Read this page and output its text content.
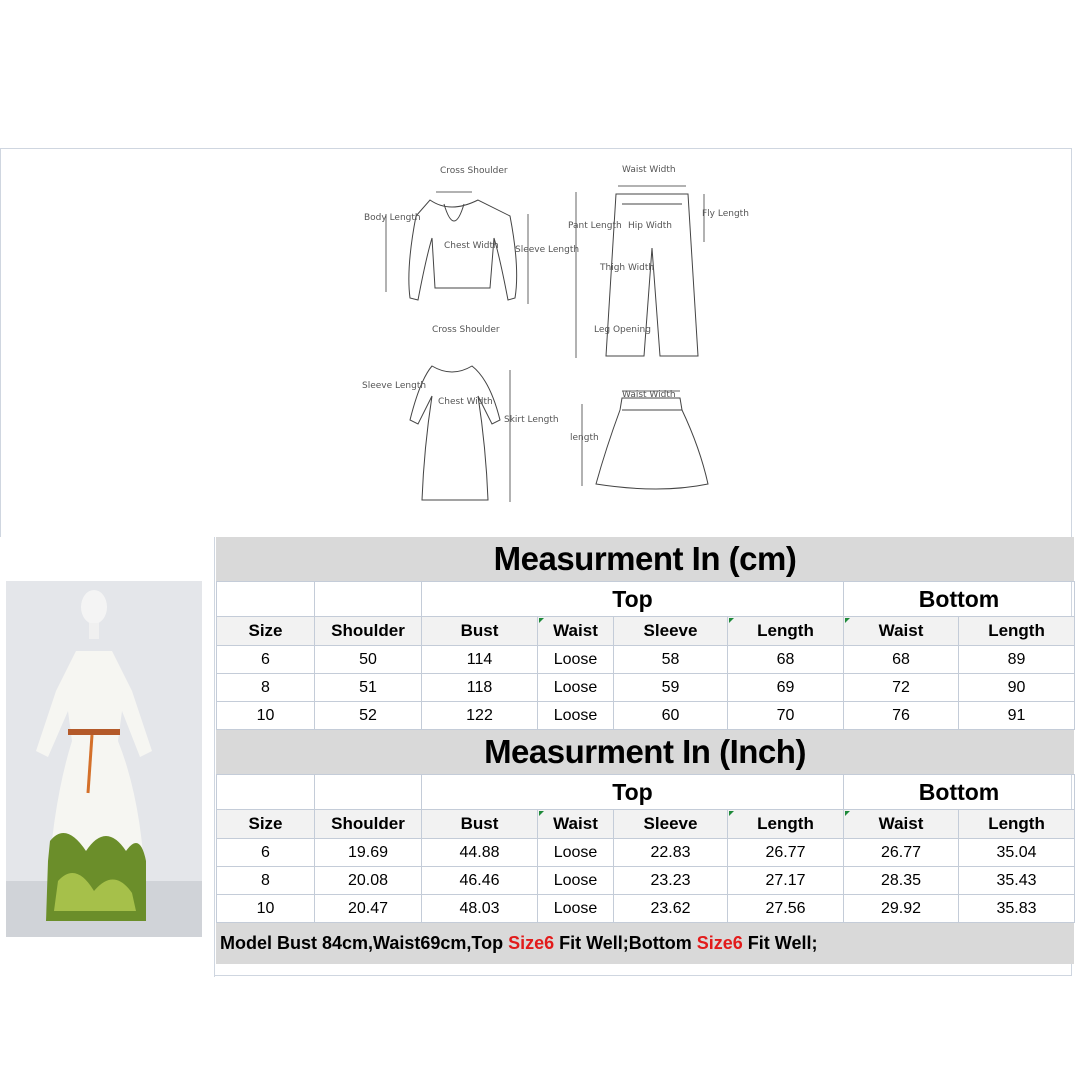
Cross Shoulder
Body Length
Chest Width Sleeve Length
Waist Width
Pant Length Hip Width
Fly Length
Thigh Width
Leg Opening
Cross Shoulder
Sleeve Length
Chest Width
Skirt Length
Waist Width
length
Measurment In (cm)
		Top				Bottom	
Size	Shoulder	Bust	Waist	Sleeve	Length	Waist	Length
6	50	114	Loose	58	68	68	89
8	51	118	Loose	59	69	72	90
10	52	122	Loose	60	70	76	91
Measurment In (Inch)
		Top				Bottom	
Size	Shoulder	Bust	Waist	Sleeve	Length	Waist	Length
6	19.69	44.88	Loose	22.83	26.77	26.77	35.04
8	20.08	46.46	Loose	23.23	27.17	28.35	35.43
10	20.47	48.03	Loose	23.62	27.56	29.92	35.83
Model Bust 84cm,Waist69cm,Top Size6 Fit Well;Bottom Size6 Fit Well;
